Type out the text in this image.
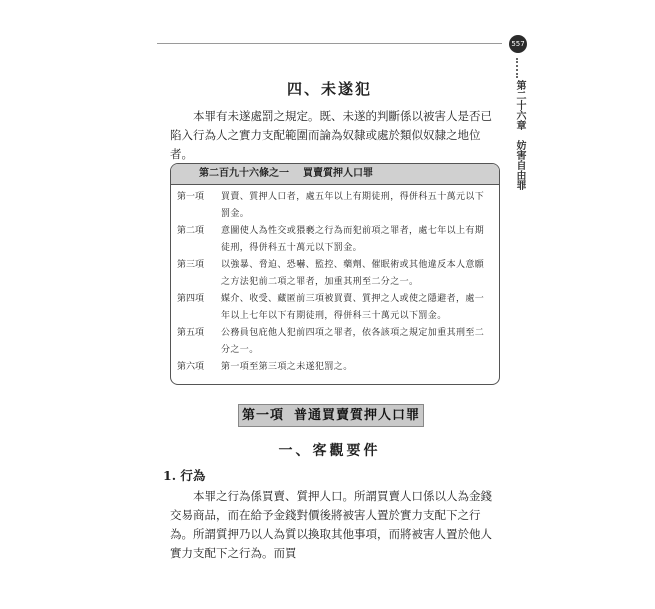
557
第二十六章妨害自由罪
四、未遂犯
本罪有未遂處罰之規定。既、未遂的判斷係以被害人是否已陷入行為人之實力支配範圍而論為奴隸或處於類似奴隸之地位者。
第二百九十六條之一 買賣質押人口罪
第一項	買賣、質押人口者，處五年以上有期徒刑，得併科五十萬元以下罰金。
第二項	意圖使人為性交或猥褻之行為而犯前項之罪者，處七年以上有期徒刑，得併科五十萬元以下罰金。
第三項	以強暴、脅迫、恐嚇、監控、藥劑、催眠術或其他違反本人意願之方法犯前二項之罪者，加重其刑至二分之一。
第四項	媒介、收受、藏匿前三項被買賣、質押之人或使之隱避者，處一年以上七年以下有期徒刑，得併科三十萬元以下罰金。
第五項	公務員包庇他人犯前四項之罪者，依各該項之規定加重其刑至二分之一。
第六項	第一項至第三項之未遂犯罰之。
第一項 普通買賣質押人口罪
一、客觀要件
1. 行為
本罪之行為係買賣、質押人口。所謂買賣人口係以人為金錢交易商品，而在給予金錢對價後將被害人置於實力支配下之行為。所謂質押乃以人為質以換取其他事項，而將被害人置於他人實力支配下之行為。而買
